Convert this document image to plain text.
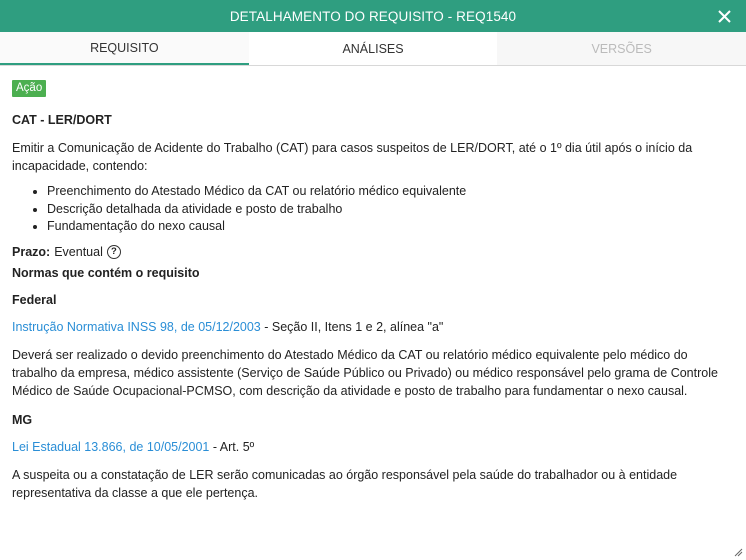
DETALHAMENTO DO REQUISITO - REQ1540
REQUISITO	ANÁLISES	VERSÕES
Ação
CAT - LER/DORT

Emitir a Comunicação de Acidente do Trabalho (CAT) para casos suspeitos de LER/DORT, até o 1º dia útil após o início da incapacidade, contendo:

• Preenchimento do Atestado Médico da CAT ou relatório médico equivalente
• Descrição detalhada da atividade e posto de trabalho
• Fundamentação do nexo causal
Prazo: Eventual ?
Normas que contém o requisito
Federal
Instrução Normativa INSS 98, de 05/12/2003 - Seção II, Itens 1 e 2, alínea "a"

Deverá ser realizado o devido preenchimento do Atestado Médico da CAT ou relatório médico equivalente pelo médico do trabalho da empresa, médico assistente (Serviço de Saúde Público ou Privado) ou médico responsável pelo grama de Controle Médico de Saúde Ocupacional-PCMSO, com descrição da atividade e posto de trabalho para fundamentar o nexo causal.

MG
Lei Estadual 13.866, de 10/05/2001 - Art. 5º

A suspeita ou a constatação de LER serão comunicadas ao órgão responsável pela saúde do trabalhador ou à entidade representativa da classe a que ele pertença.
